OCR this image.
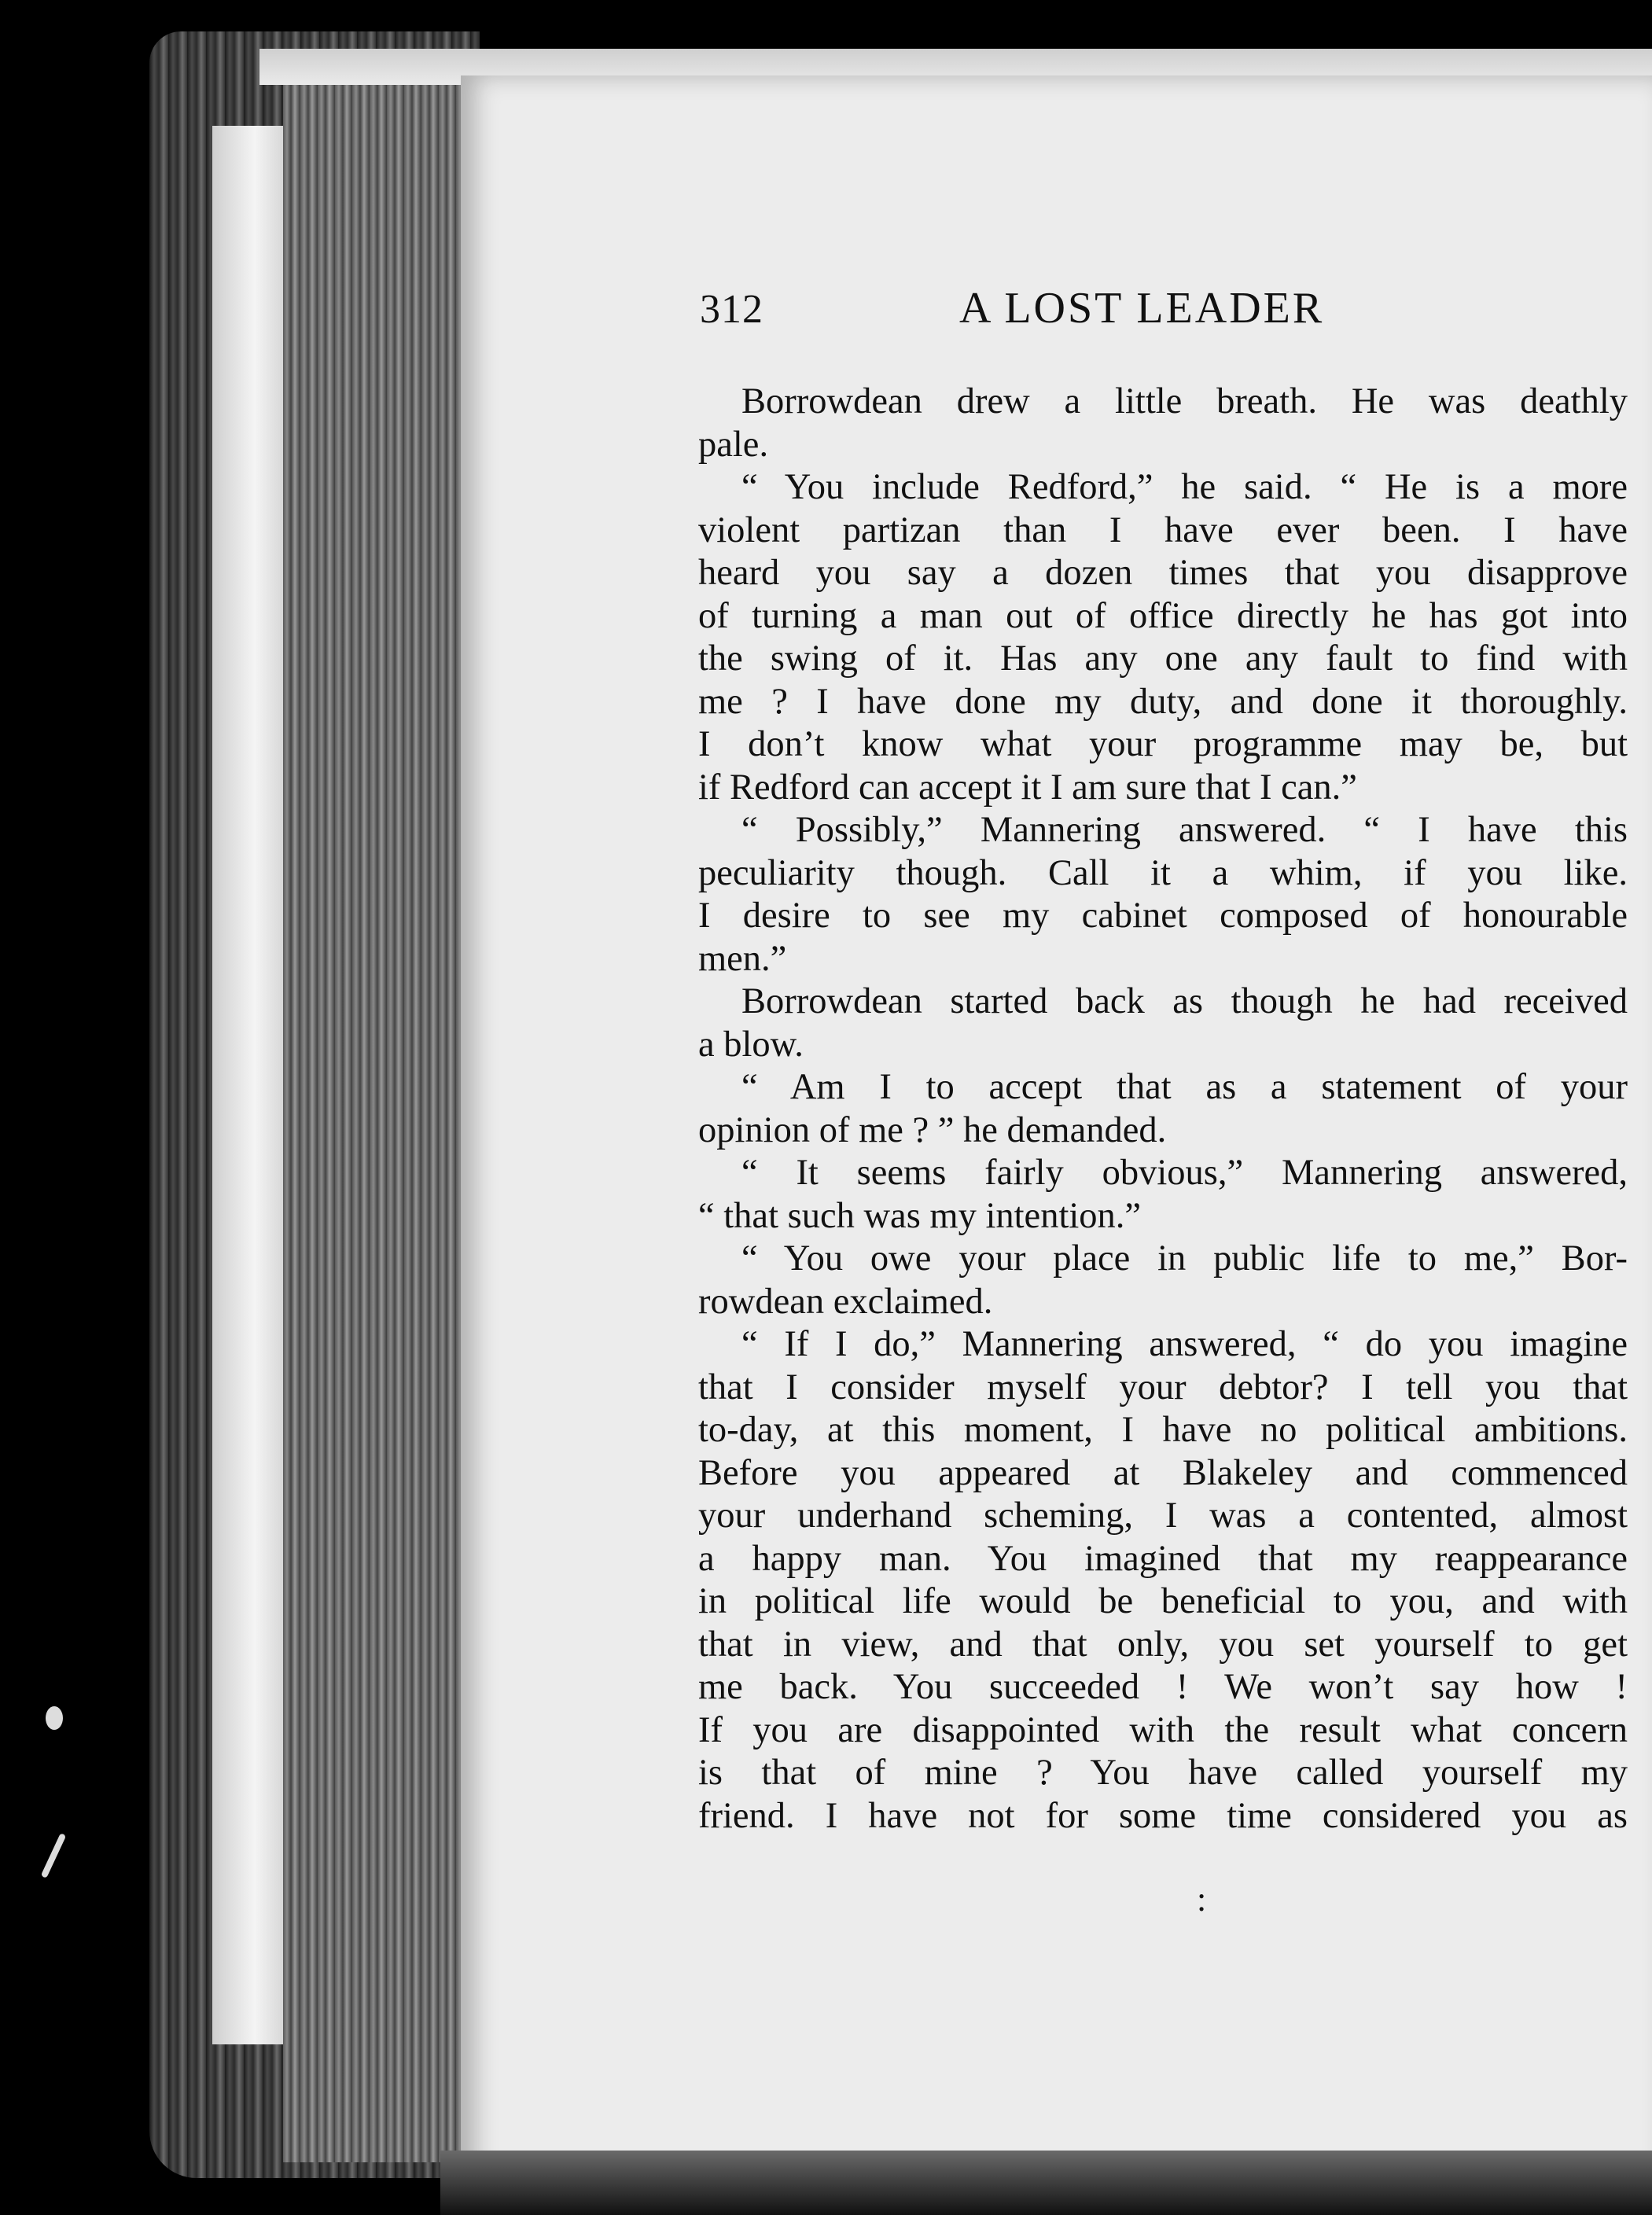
312	A LOST LEADER
Borrowdean drew a little breath. He was deathly
pale.
“ You include Redford,” he said. “ He is a more
violent partizan than I have ever been. I have
heard you say a dozen times that you disapprove
of turning a man out of office directly he has got into
the swing of it. Has any one any fault to find with
me ? I have done my duty, and done it thoroughly.
I don’t know what your programme may be, but
if Redford can accept it I am sure that I can.”
“ Possibly,” Mannering answered. “ I have this
peculiarity though. Call it a whim, if you like.
I desire to see my cabinet composed of honourable
men.”
Borrowdean started back as though he had received
a blow.
“ Am I to accept that as a statement of your
opinion of me ? ” he demanded.
“ It seems fairly obvious,” Mannering answered,
“ that such was my intention.”
“ You owe your place in public life to me,” Bor-
rowdean exclaimed.
“ If I do,” Mannering answered, “ do you imagine
that I consider myself your debtor? I tell you that
to-day, at this moment, I have no political ambitions.
Before you appeared at Blakeley and commenced
your underhand scheming, I was a contented, almost
a happy man. You imagined that my reappearance
in political life would be beneficial to you, and with
that in view, and that only, you set yourself to get
me back. You succeeded ! We won’t say how !
If you are disappointed with the result what concern
is that of mine ? You have called yourself my
friend. I have not for some time considered you as
:
